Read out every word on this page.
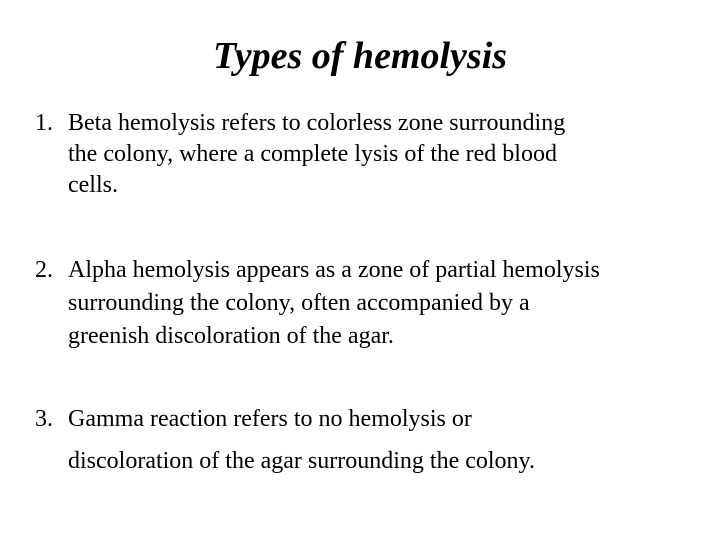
Types of hemolysis
1. Beta hemolysis refers to colorless zone surrounding
the colony, where a complete lysis of the red blood
cells.
2. Alpha hemolysis appears as a zone of partial hemolysis
surrounding the colony, often accompanied by a
greenish discoloration of the agar.
3. Gamma reaction refers to no hemolysis or
discoloration of the agar surrounding the colony.
